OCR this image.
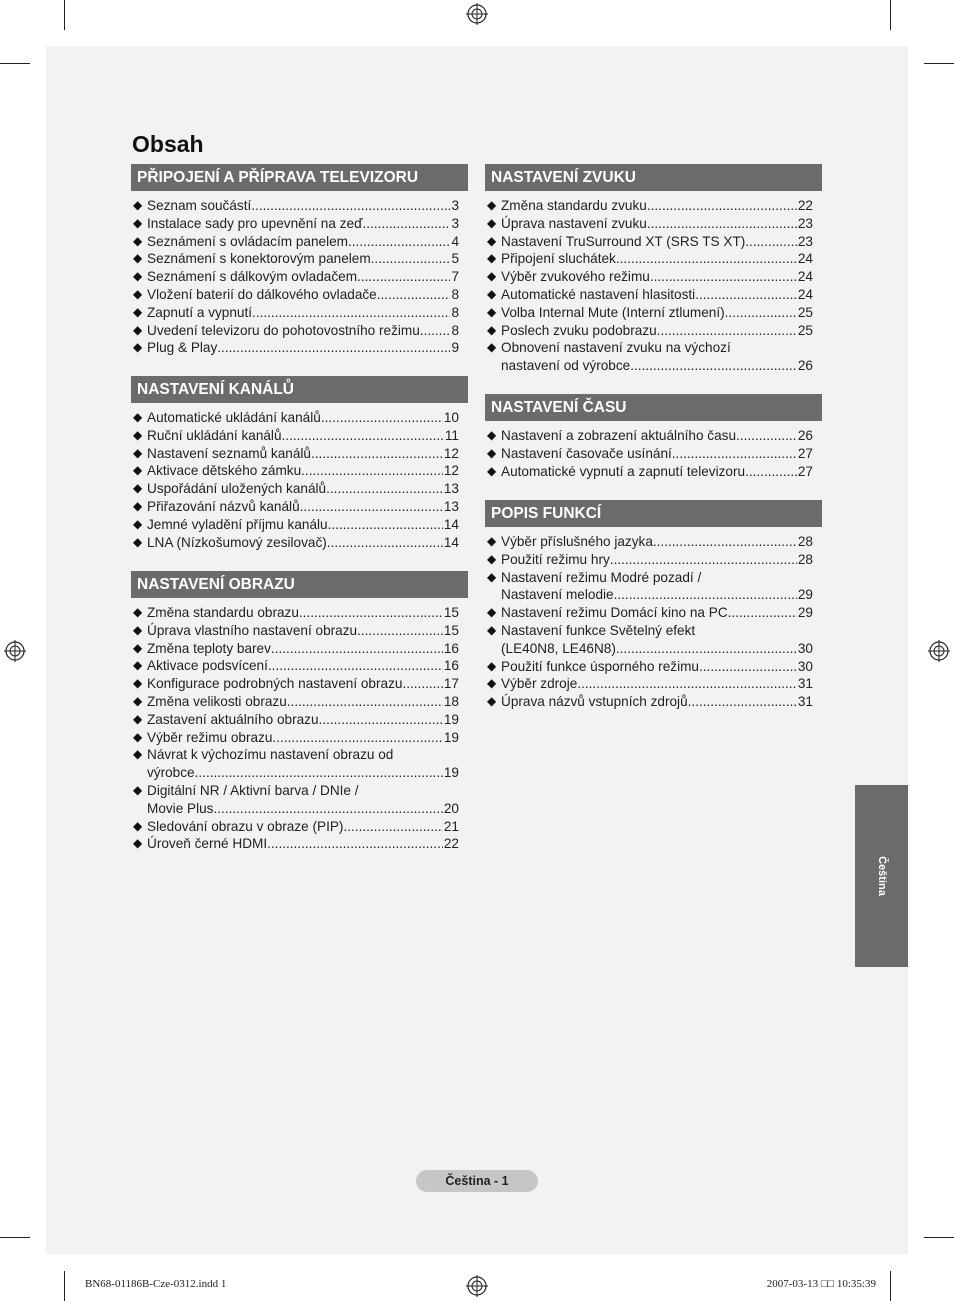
Obsah
PŘIPOJENÍ A PŘÍPRAVA TELEVIZORU
◆ Seznam součástí .....	3
◆ Instalace sady pro upevnění na zeď .....	3
◆ Seznámení s ovládacím panelem .....	4
◆ Seznámení s konektorovým panelem .....	5
◆ Seznámení s dálkovým ovladačem .....	7
◆ Vložení baterií do dálkového ovladače .....	8
◆ Zapnutí a vypnutí .....	8
◆ Uvedení televizoru do pohotovostního režimu ..... 8
◆ Plug & Play .....	9
NASTAVENÍ KANÁLŮ
◆ Automatické ukládání kanálů .....	10
◆ Ruční ukládání kanálů .....	11
◆ Nastavení seznamů kanálů .....	12
◆ Aktivace dětského zámku .....	12
◆ Uspořádání uložených kanálů .....	13
◆ Přiřazování názvů kanálů .....	13
◆ Jemné vyladění příjmu kanálu .....	14
◆ LNA (Nízkošumový zesilovač) .....	14
NASTAVENÍ OBRAZU
◆ Změna standardu obrazu .....	15
◆ Úprava vlastního nastavení obrazu .....	15
◆ Změna teploty barev .....	16
◆ Aktivace podsvícení .....	16
◆ Konfigurace podrobných nastavení obrazu .....	17
◆ Změna velikosti obrazu .....	18
◆ Zastavení aktuálního obrazu .....	19
◆ Výběr režimu obrazu .....	19
◆ Návrat k výchozímu nastavení obrazu od
výrobce .....	19
◆ Digitální NR / Aktivní barva / DNIe /
Movie Plus .....	20
◆ Sledování obrazu v obraze (PIP) .....	21
◆ Úroveň černé HDMI .....	22
NASTAVENÍ ZVUKU
◆ Změna standardu zvuku .....	22
◆ Úprava nastavení zvuku .....	23
◆ Nastavení TruSurround XT (SRS TS XT) .....	23
◆ Připojení sluchátek .....	24
◆ Výběr zvukového režimu .....	24
◆ Automatické nastavení hlasitosti .....	24
◆ Volba Internal Mute (Interní ztlumení) .....	25
◆ Poslech zvuku podobrazu .....	25
◆ Obnovení nastavení zvuku na výchozí
nastavení od výrobce .....	26
NASTAVENÍ ČASU
◆ Nastavení a zobrazení aktuálního času .....	26
◆ Nastavení časovače usínání .....	27
◆ Automatické vypnutí a zapnutí televizoru .....	27
POPIS FUNKCÍ
◆ Výběr příslušného jazyka .....	28
◆ Použití režimu hry .....	28
◆ Nastavení režimu Modré pozadí /
Nastavení melodie .....	29
◆ Nastavení režimu Domácí kino na PC .....	29
◆ Nastavení funkce Světelný efekt
(LE40N8, LE46N8) .....	30
◆ Použití funkce úsporného režimu .....	30
◆ Výběr zdroje .....	31
◆ Úprava názvů vstupních zdrojů .....	31
Čeština
Čeština - 1
BN68-01186B-Cze-0312.indd 1	2007-03-13 □□ 10:35:39
